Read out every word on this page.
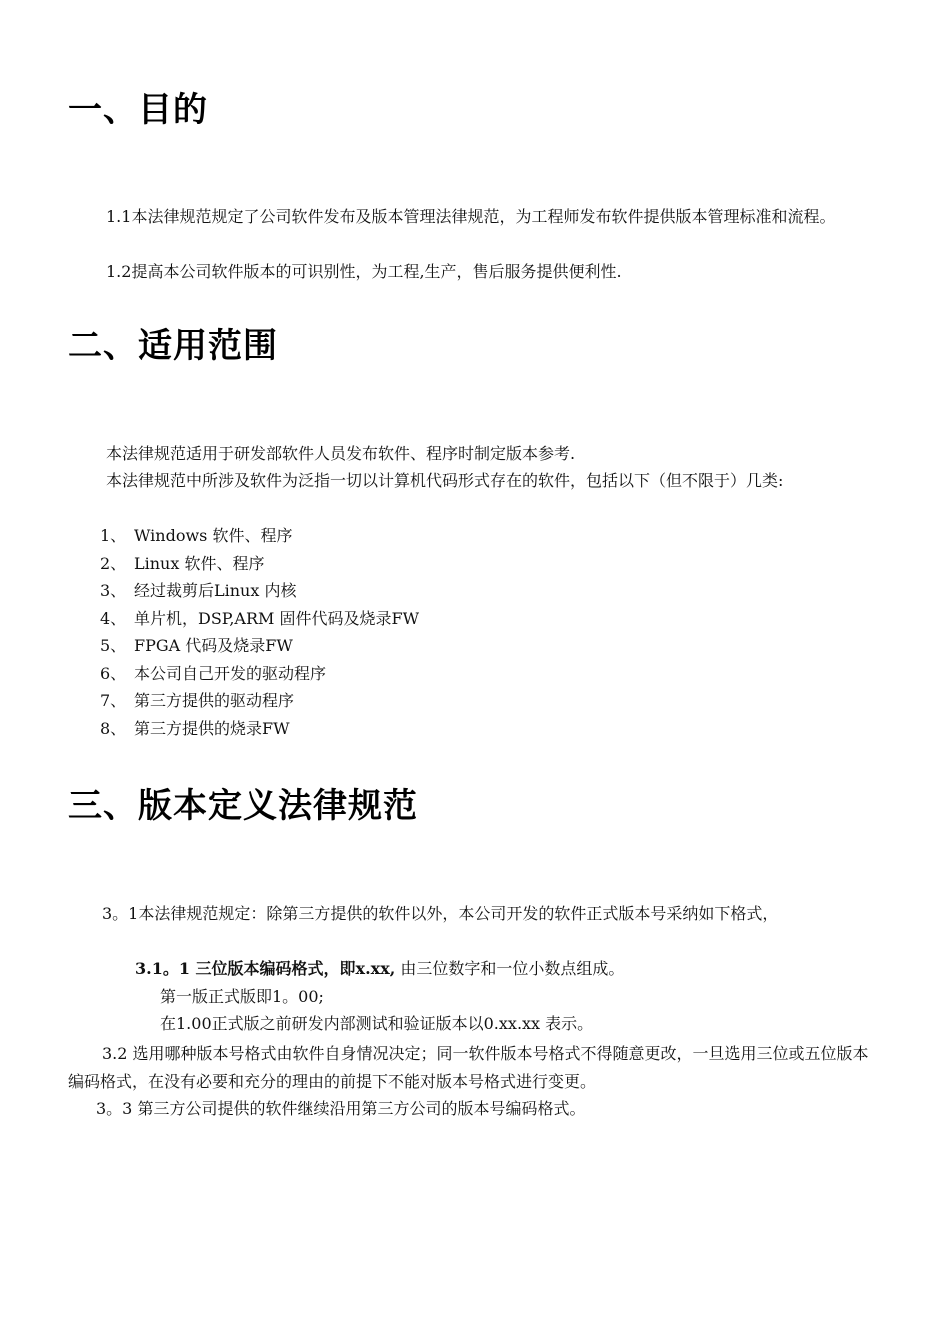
一、目的

1.1本法律规范规定了公司软件发布及版本管理法律规范，为工程师发布软件提供版本管理标准和流程。

1.2提高本公司软件版本的可识别性，为工程,生产，售后服务提供便利性.

二、适用范围

本法律规范适用于研发部软件人员发布软件、程序时制定版本参考.

本法律规范中所涉及软件为泛指一切以计算机代码形式存在的软件，包括以下（但不限于）几类:

1、 Windows 软件、程序
2、 Linux 软件、程序
3、 经过裁剪后Linux 内核
4、 单片机，DSP,ARM 固件代码及烧录FW
5、 FPGA 代码及烧录FW
6、 本公司自己开发的驱动程序
7、 第三方提供的驱动程序
8、 第三方提供的烧录FW
三、版本定义法律规范

3。1本法律规范规定：除第三方提供的软件以外，本公司开发的软件正式版本号采纳如下格式，

3.1。1 三位版本编码格式，即x.xx, 由三位数字和一位小数点组成。

第一版正式版即1。00;

在1.00正式版之前研发内部测试和验证版本以0.xx.xx 表示。

3.2 选用哪种版本号格式由软件自身情况决定；同一软件版本号格式不得随意更改，一旦选用三位或五位版本编码格式，在没有必要和充分的理由的前提下不能对版本号格式进行变更。

3。3 第三方公司提供的软件继续沿用第三方公司的版本号编码格式。
